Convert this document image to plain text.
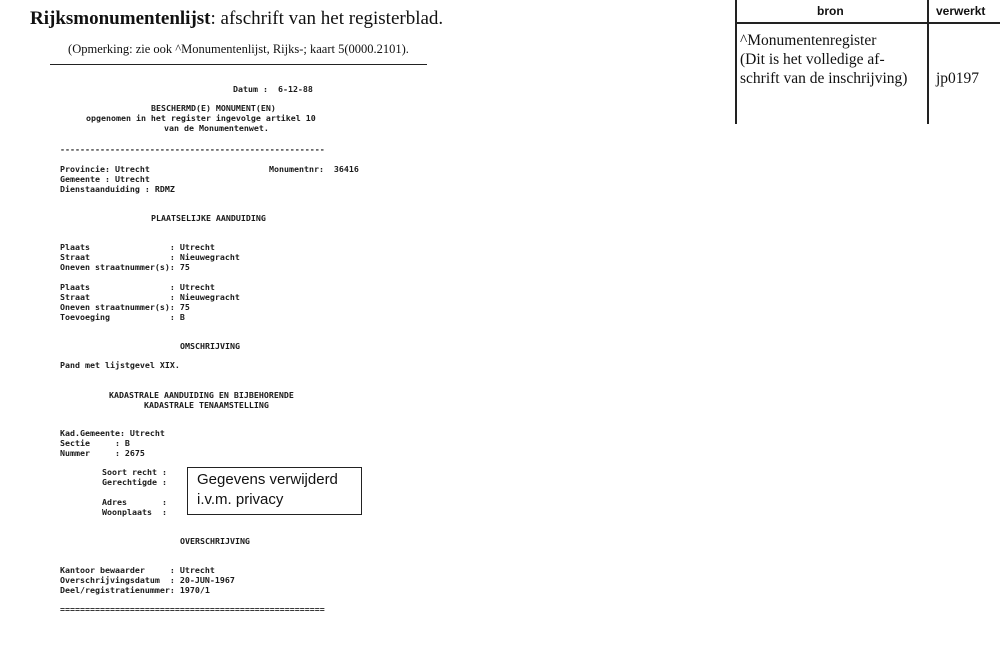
Rijksmonumentenlijst: afschrift van het registerblad.
(Opmerking: zie ook ^Monumentenlijst, Rijks-; kaart 5(0000.2101).
Datum :  6-12-88
BESCHERMD(E) MONUMENT(EN)
opgenomen in het register ingevolge artikel 10
van de Monumentenwet.
-----------------------------------------------------
Provincie: Utrecht	Monumentnr:  36416
Gemeente : Utrecht
Dienstaanduiding : RDMZ
PLAATSELIJKE AANDUIDING
Plaats                : Utrecht
Straat                : Nieuwegracht
Oneven straatnummer(s): 75
Plaats                : Utrecht
Straat                : Nieuwegracht
Oneven straatnummer(s): 75
Toevoeging            : B
OMSCHRIJVING
Pand met lijstgevel XIX.
KADASTRALE AANDUIDING EN BIJBEHORENDE
KADASTRALE TENAAMSTELLING
Kad.Gemeente: Utrecht
Sectie     : B
Nummer     : 2675
Soort recht :
Gerechtigde :
Adres       :
Woonplaats  :
Gegevens verwijderd
i.v.m. privacy
OVERSCHRIJVING
Kantoor bewaarder     : Utrecht
Overschrijvingsdatum  : 20-JUN-1967
Deel/registratienummer: 1970/1
=====================================================
bron	verwerkt
^Monumentenregister
(Dit is het volledige af-
schrift van de inschrijving) jp0197
